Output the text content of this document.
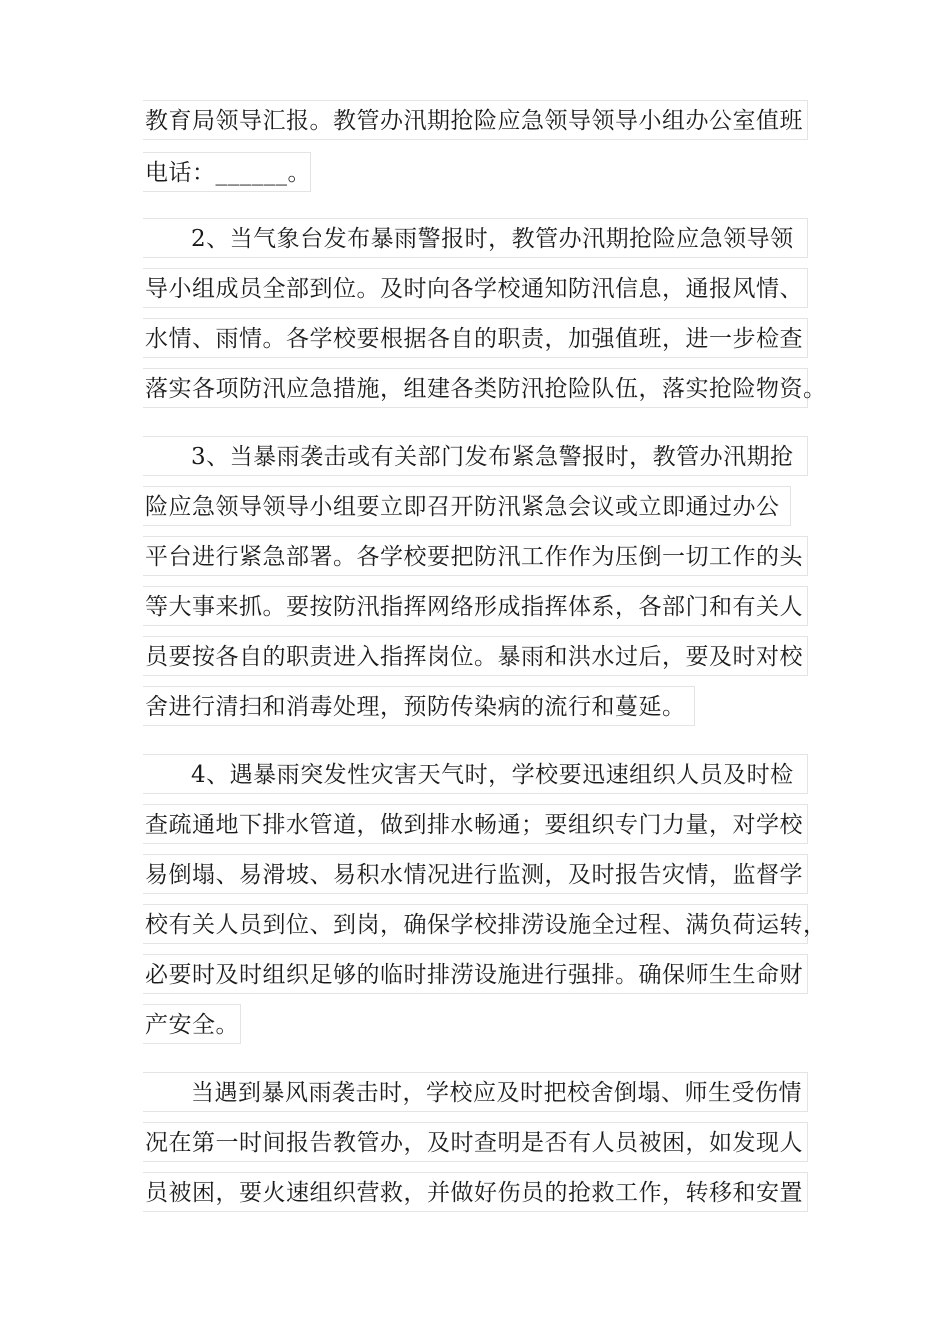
教育局领导汇报。教管办汛期抢险应急领导领导小组办公室值班
电话：______。
2、当气象台发布暴雨警报时，教管办汛期抢险应急领导领
导小组成员全部到位。及时向各学校通知防汛信息，通报风情、
水情、雨情。各学校要根据各自的职责，加强值班，进一步检查
落实各项防汛应急措施，组建各类防汛抢险队伍，落实抢险物资。
3、当暴雨袭击或有关部门发布紧急警报时，教管办汛期抢
险应急领导领导小组要立即召开防汛紧急会议或立即通过办公
平台进行紧急部署。各学校要把防汛工作作为压倒一切工作的头
等大事来抓。要按防汛指挥网络形成指挥体系，各部门和有关人
员要按各自的职责进入指挥岗位。暴雨和洪水过后，要及时对校
舍进行清扫和消毒处理，预防传染病的流行和蔓延。
4、遇暴雨突发性灾害天气时，学校要迅速组织人员及时检
查疏通地下排水管道，做到排水畅通；要组织专门力量，对学校
易倒塌、易滑坡、易积水情况进行监测，及时报告灾情，监督学
校有关人员到位、到岗，确保学校排涝设施全过程、满负荷运转，
必要时及时组织足够的临时排涝设施进行强排。确保师生生命财
产安全。
当遇到暴风雨袭击时，学校应及时把校舍倒塌、师生受伤情
况在第一时间报告教管办，及时查明是否有人员被困，如发现人
员被困，要火速组织营救，并做好伤员的抢救工作，转移和安置
